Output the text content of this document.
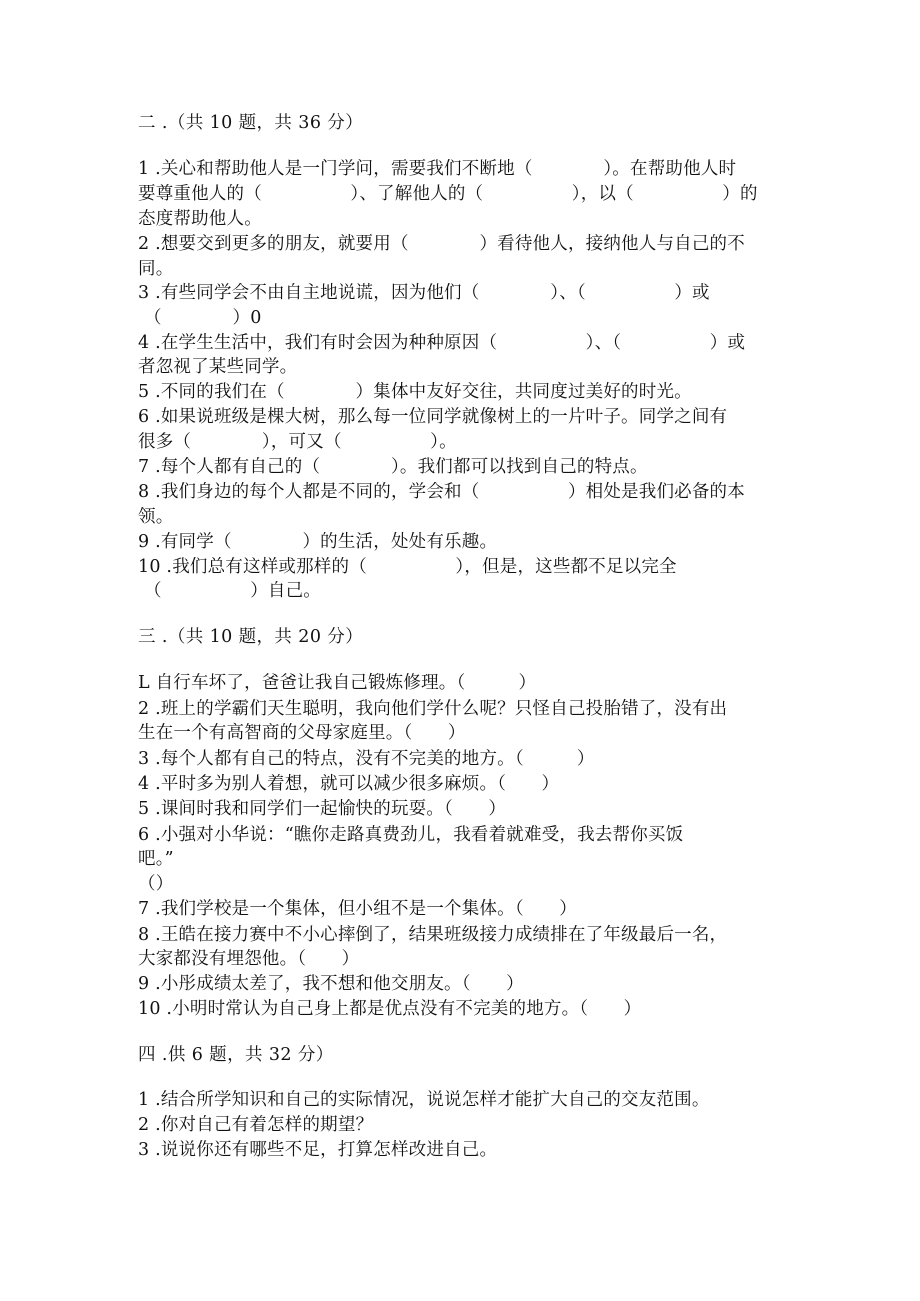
二 .（共 10 题，共 36 分）
1 .关心和帮助他人是一门学问，需要我们不断地（　　　　）。在帮助他人时
要尊重他人的（　　　　　）、了解他人的（　　　　　），以（　　　　　）的
态度帮助他人。
2 .想要交到更多的朋友，就要用（　　　　）看待他人，接纳他人与自己的不
同。
3 .有些同学会不由自主地说谎，因为他们（　　　　）、（　　　　　）或
（　　　　）0
4 .在学生生活中，我们有时会因为种种原因（　　　　　）、（　　　　　）或
者忽视了某些同学。
5 .不同的我们在（　　　　）集体中友好交往，共同度过美好的时光。
6 .如果说班级是棵大树，那么每一位同学就像树上的一片叶子。同学之间有
很多（　　　　），可又（　　　　　）。
7 .每个人都有自己的（　　　　）。我们都可以找到自己的特点。
8 .我们身边的每个人都是不同的，学会和（　　　　　）相处是我们必备的本
领。
9 .有同学（　　　　）的生活，处处有乐趣。
10 .我们总有这样或那样的（　　　　　），但是，这些都不足以完全
（　　　　　）自己。
三 .（共 10 题，共 20 分）
L 自行车坏了，爸爸让我自己锻炼修理。（　　　）
2 .班上的学霸们天生聪明，我向他们学什么呢？只怪自己投胎错了，没有出
生在一个有高智商的父母家庭里。（　　）
3 .每个人都有自己的特点，没有不完美的地方。（　　　）
4 .平时多为别人着想，就可以减少很多麻烦。（　　）
5 .课间时我和同学们一起愉快的玩耍。（　　）
6 .小强对小华说：“瞧你走路真费劲儿，我看着就难受，我去帮你买饭
吧。”
（）
7 .我们学校是一个集体，但小组不是一个集体。（　　）
8 .王皓在接力赛中不小心摔倒了，结果班级接力成绩排在了年级最后一名，
大家都没有埋怨他。（　　）
9 .小彤成绩太差了，我不想和他交朋友。（　　）
10 .小明时常认为自己身上都是优点没有不完美的地方。（　　）
四 .供 6 题，共 32 分）
1 .结合所学知识和自己的实际情况，说说怎样才能扩大自己的交友范围。
2 .你对自己有着怎样的期望？
3 .说说你还有哪些不足，打算怎样改进自己。
